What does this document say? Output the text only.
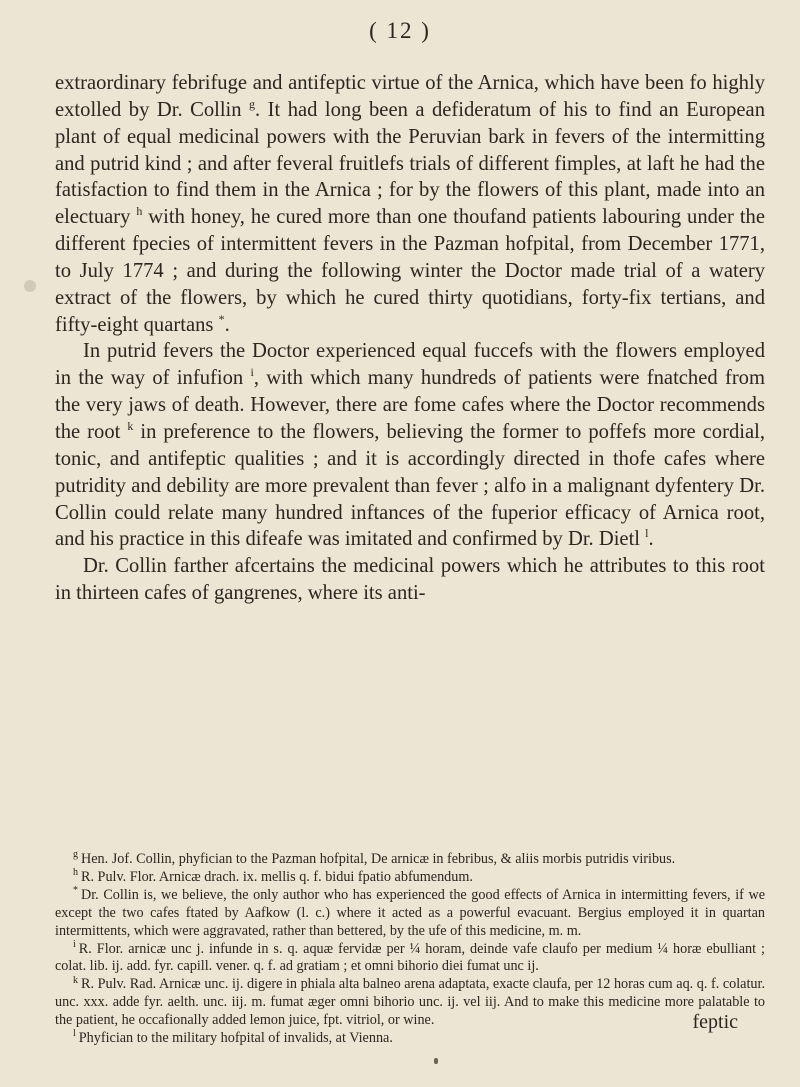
( 12 )

extraordinary febrifuge and antifeptic virtue of the Arnica, which have been fo highly extolled by Dr. Collin $^g$. It had long been a defideratum of his to find an European plant of equal medicinal powers with the Peruvian bark in fevers of the intermitting and putrid kind ; and after feveral fruitlefs trials of different fimples, at laft he had the fatisfaction to find them in the Arnica ; for by the flowers of this plant, made into an electuary $^h$ with honey, he cured more than one thoufand patients labouring under the different fpecies of intermittent fevers in the Pazman hofpital, from December 1771, to July 1774 ; and during the following winter the Doctor made trial of a watery extract of the flowers, by which he cured thirty quotidians, forty-fix tertians, and fifty-eight quartans *.

In putrid fevers the Doctor experienced equal fuccefs with the flowers employed in the way of infufion $^i$, with which many hundreds of patients were fnatched from the very jaws of death. However, there are fome cafes where the Doctor recommends the root $^k$ in preference to the flowers, believing the former to poffefs more cordial, tonic, and antifeptic qualities ; and it is accordingly directed in thofe cafes where putridity and debility are more prevalent than fever ; alfo in a malignant dyfentery Dr. Collin could relate many hundred inftances of the fuperior efficacy of Arnica root, and his practice in this difeafe was imitated and confirmed by Dr. Dietl $^l$.

Dr. Collin farther afcertains the medicinal powers which he attributes to this root in thirteen cafes of gangrenes, where its anti-

$^g$ Hen. Jof. Collin, phyfician to the Pazman hofpital, De arnicæ in febribus, & aliis morbis putridis viribus.

$^h$ R. Pulv. Flor. Arnicæ drach. ix. mellis q. f. bidui fpatio abfumendum.

* Dr. Collin is, we believe, the only author who has experienced the good effects of Arnica in intermitting fevers, if we except the two cafes ftated by Aafkow (l. c.) where it acted as a powerful evacuant. Bergius employed it in quartan intermittents, which were aggravated, rather than bettered, by the ufe of this medicine, m. m.

$^i$ R. Flor. arnicæ unc j. infunde in s. q. aquæ fervidæ per ¼ horam, deinde vafe claufo per medium ¼ horæ ebulliant ; colat. lib. ij. add. fyr. capill. vener. q. f. ad gratiam ; et omni bihorio diei fumat unc ij.

$^k$ R. Pulv. Rad. Arnicæ unc. ij. digere in phiala alta balneo arena adaptata, exacte claufa, per 12 horas cum aq. q. f. colatur. unc. xxx. adde fyr. aelth. unc. iij. m. fumat æger omni bihorio unc. ij. vel iij. And to make this medicine more palatable to the patient, he occafionally added lemon juice, fpt. vitriol, or wine.

$^l$ Phyfician to the military hofpital of invalids, at Vienna.

feptic
